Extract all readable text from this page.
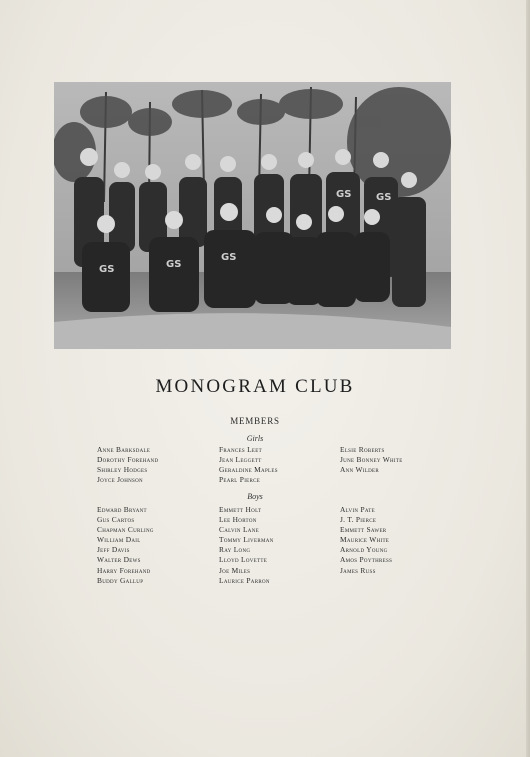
GS	GS
GS
GS GS
MONOGRAM CLUB
MEMBERS
Girls
Anne Barksdale
Dorothy Forehand
Shirley Hodges
Joyce Johnson
Frances Leet
Jean Leggett
Geraldine Maples
Pearl Pierce
Elsie Roberts
June Bonney White
Ann Wilder
Boys
Edward Bryant
Gus Cartos
Chapman Curling
William Dail
Jeff Davis
Walter Dews
Harry Forehand
Buddy Gallup
Emmett Holt
Lee Horton
Calvin Lane
Tommy Liverman
Ray Long
Lloyd Lovette
Joe Miles
Laurice Parron
Alvin Pate
J. T. Pierce
Emmett Sawer
Maurice White
Arnold Young
Amos Poythress
James Russ
